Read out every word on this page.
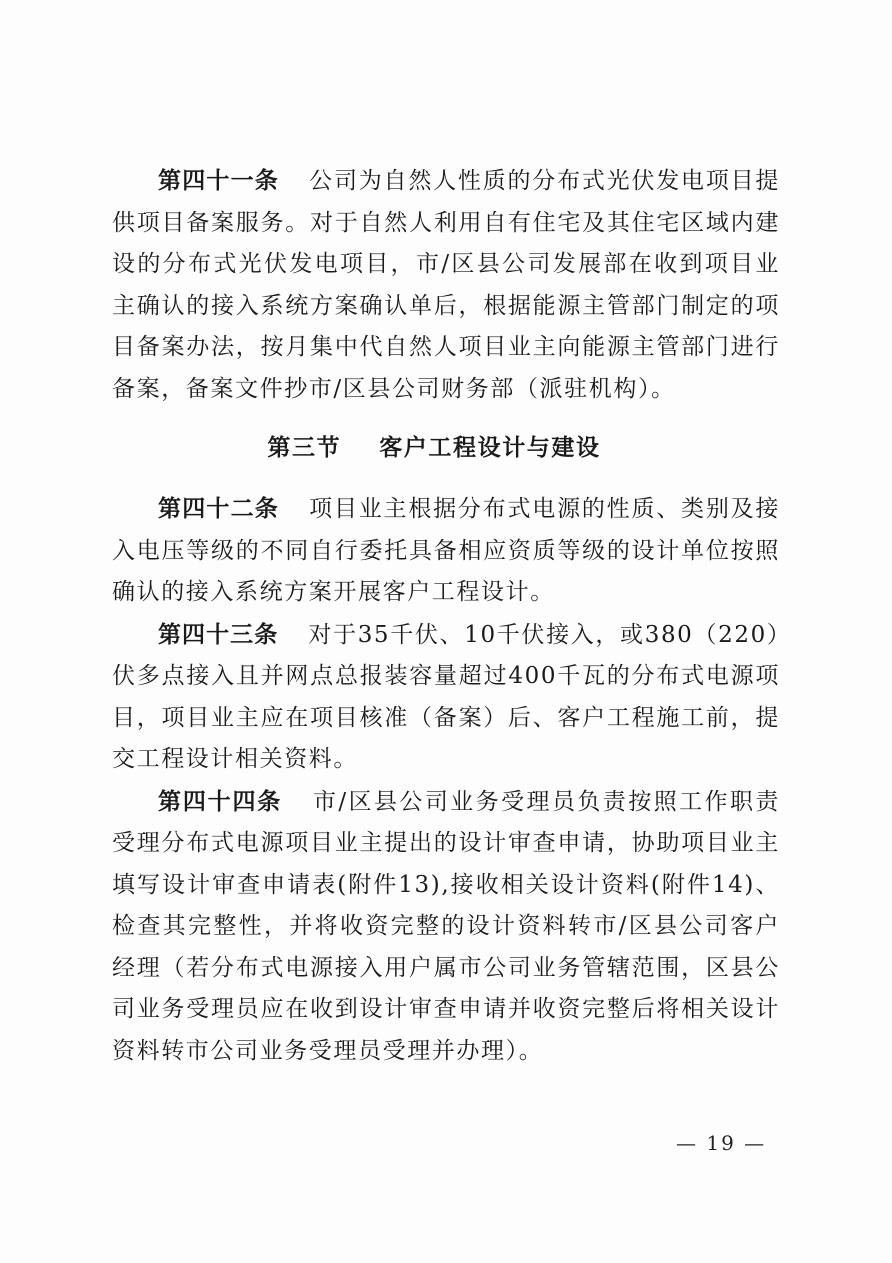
第四十一条 公司为自然人性质的分布式光伏发电项目提供项目备案服务。对于自然人利用自有住宅及其住宅区域内建设的分布式光伏发电项目，市/区县公司发展部在收到项目业主确认的接入系统方案确认单后，根据能源主管部门制定的项目备案办法，按月集中代自然人项目业主向能源主管部门进行备案，备案文件抄市/区县公司财务部（派驻机构）。

第三节 客户工程设计与建设

第四十二条 项目业主根据分布式电源的性质、类别及接入电压等级的不同自行委托具备相应资质等级的设计单位按照确认的接入系统方案开展客户工程设计。

第四十三条 对于35千伏、10千伏接入，或380（220）伏多点接入且并网点总报装容量超过400千瓦的分布式电源项目，项目业主应在项目核准（备案）后、客户工程施工前，提交工程设计相关资料。

第四十四条 市/区县公司业务受理员负责按照工作职责受理分布式电源项目业主提出的设计审查申请，协助项目业主填写设计审查申请表(附件13),接收相关设计资料(附件14)、检查其完整性，并将收资完整的设计资料转市/区县公司客户经理（若分布式电源接入用户属市公司业务管辖范围，区县公司业务受理员应在收到设计审查申请并收资完整后将相关设计资料转市公司业务受理员受理并办理）。

— 19 —
